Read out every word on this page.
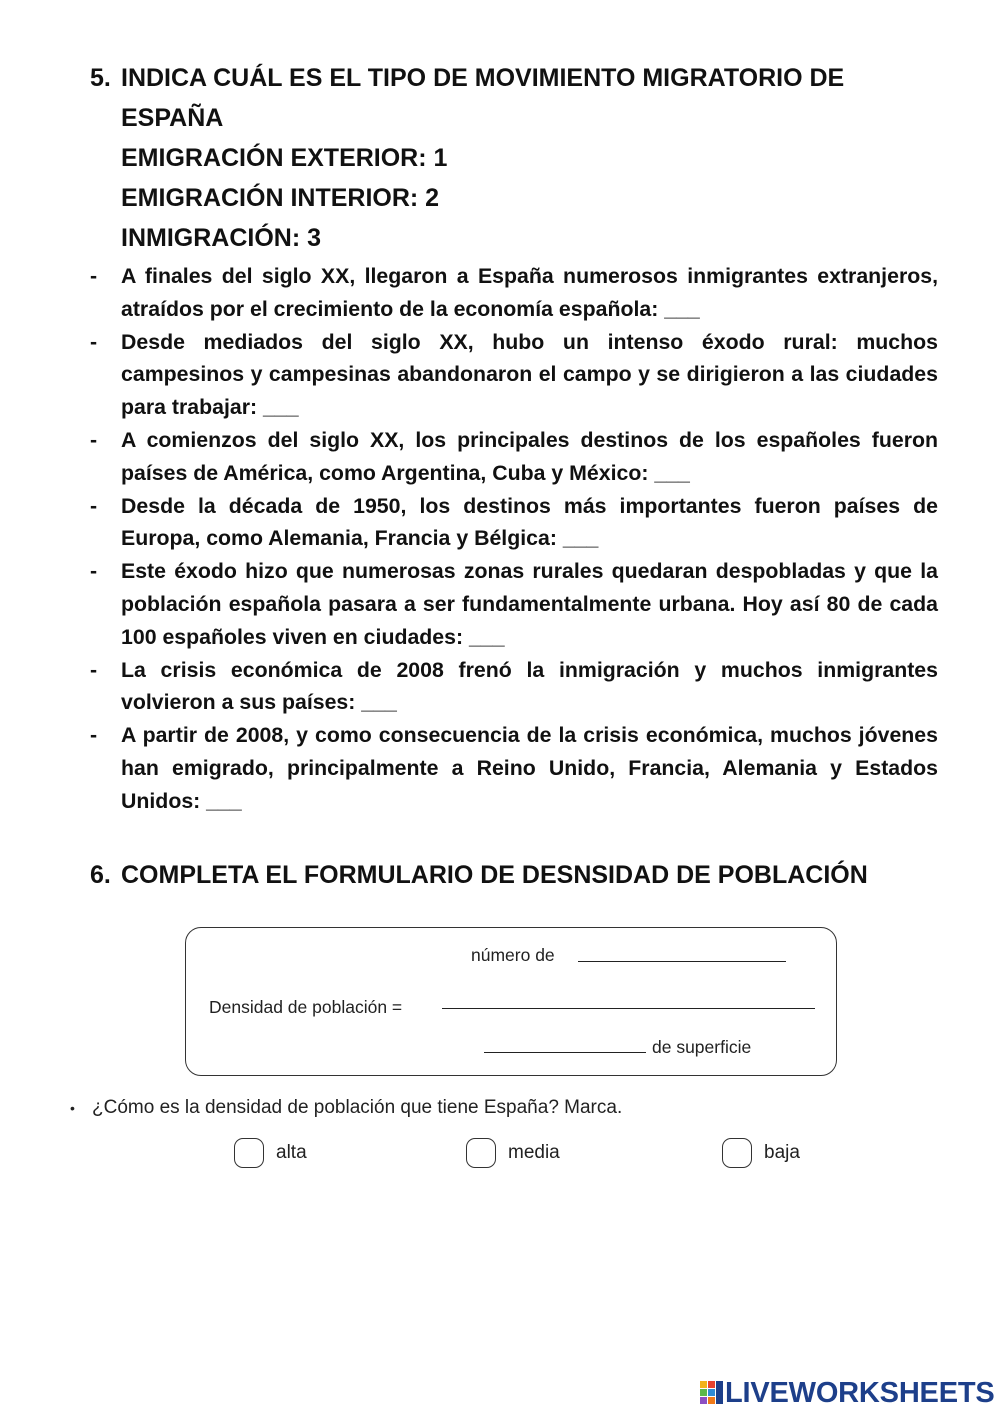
5. INDICA CUÁL ES EL TIPO DE MOVIMIENTO MIGRATORIO DE
ESPAÑA
EMIGRACIÓN EXTERIOR: 1
EMIGRACIÓN INTERIOR: 2
INMIGRACIÓN: 3
- A finales del siglo XX, llegaron a España numerosos inmigrantes extranjeros, atraídos por el crecimiento de la economía española: ___
- Desde mediados del siglo XX, hubo un intenso éxodo rural: muchos campesinos y campesinas abandonaron el campo y se dirigieron a las ciudades para trabajar: ___
- A comienzos del siglo XX, los principales destinos de los españoles fueron países de América, como Argentina, Cuba y México: ___
- Desde la década de 1950, los destinos más importantes fueron países de Europa, como Alemania, Francia y Bélgica: ___
- Este éxodo hizo que numerosas zonas rurales quedaran despobladas y que la población española pasara a ser fundamentalmente urbana. Hoy así 80 de cada 100 españoles viven en ciudades: ___
- La crisis económica de 2008 frenó la inmigración y muchos inmigrantes volvieron a sus países: ___
- A partir de 2008, y como consecuencia de la crisis económica, muchos jóvenes han emigrado, principalmente a Reino Unido, Francia, Alemania y Estados Unidos: ___
6. COMPLETA EL FORMULARIO DE DESNSIDAD DE POBLACIÓN
número de
Densidad de población =
de superficie
• ¿Cómo es la densidad de población que tiene España? Marca.
alta	media	baja
LIVEWORKSHEETS
